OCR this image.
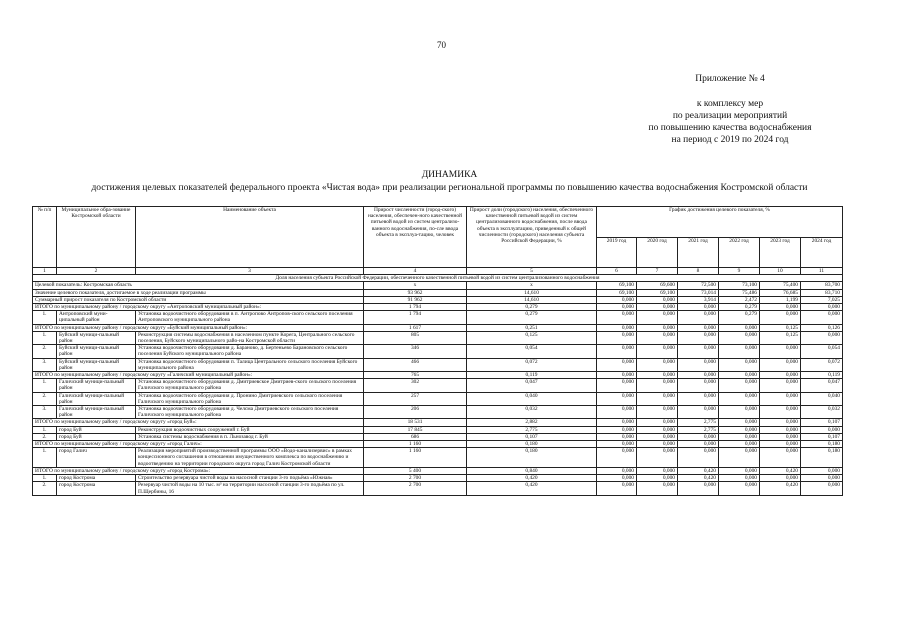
70
Приложение № 4
к комплексу мер
по реализации мероприятий
по повышению качества водоснабжения
на период с 2019 по 2024 год
ДИНАМИКА
достижения целевых показателей федерального проекта «Чистая вода» при реализации региональной программы по повышению качества водоснабжения Костромской области
№ п/п	Муниципальное обра-зование Костромской области	Наименование объекта	Прирост численности (город-ского) населения, обеспечен-ного качественной питьевой водой из систем централизо-ванного водоснабжения, по-сле ввода объекта в эксплуа-тацию, человек	Прирост доли (городского) населения, обеспеченного качественной питьевой водой из систем централизованного водоснабжения, после ввода объекта в эксплуатацию, приведенный к общей численности (городского) населения субъекта Российской Федерации, %	График достижения целевого показателя, %					
					2019 год	2020 год	2021 год	2022 год	2023 год	2024 год
1	2	3	4	5	6	7	8	9	10	11
Доля населения субъекта Российской Федерации, обеспеченного качественной питьевой водой из систем централизованного водоснабжения										
Целевой показатель: Костромская область			х	х	69,100	69,600	72,500	73,100	75,400	83,700
Значение целевого показателя, достигаемое в ходе реализации программы			93 962	14,610	69,100	69,100	73,014	75,486	76,685	83,710
Суммарный прирост показателя по Костромской области			91 962	14,610	0,000	0,000	3,914	2,472	1,199	7,025
ИТОГО по муниципальному району / городскому округу «Антроповский муниципальный район»:			1 794	0,279	0,000	0,000	0,000	0,279	0,000	0,000
1.	Антроповский муни-ципальный район	Установка водоочистного оборудования в п. Антропово Антропов-ского сельского поселения Антроповского муниципального района	1 794	0,279	0,000	0,000	0,000	0,279	0,000	0,000
ИТОГО по муниципальному району / городскому округу «Буйский муниципальный район»:			1 617	0,251	0,000	0,000	0,000	0,000	0,125	0,126
1.	Буйский муници-пальный район	Реконструкция системы водоснабжения в населенном пункте Корега, Центрального сельского поселения, Буйского муниципального райо-на Костромской области	805	0,125	0,000	0,000	0,000	0,000	0,125	0,000
2.	Буйский муници-пальный район	Установка водоочистного оборудования д. Бараново, д. Бертеньево Барановского сельского поселения Буйского муниципального района	346	0,054	0,000	0,000	0,000	0,000	0,000	0,054
3.	Буйский муници-пальный район	Установка водоочистного оборудования п. Талица Центрального сельского поселения Буйского муниципального района	466	0,072	0,000	0,000	0,000	0,000	0,000	0,072
ИТОГО по муниципальному району / городскому округу «Галичский муниципальный район»:			765	0,119	0,000	0,000	0,000	0,000	0,000	0,119
1.	Галичский муници-пальный район	Установка водоочистного оборудования д. Дмитриевское Дмитриев-ского сельского поселения Галичского муниципального района	302	0,047	0,000	0,000	0,000	0,000	0,000	0,047
2.	Галичский муници-пальный район	Установка водоочистного оборудования д. Пронино Дмитриевского сельского поселения Галичского муниципального района	257	0,040	0,000	0,000	0,000	0,000	0,000	0,040
3.	Галичский муници-пальный район	Установка водоочистного оборудования д. Челсма Дмитриевского сельского поселения Галичского муниципального района	206	0,032	0,000	0,000	0,000	0,000	0,000	0,032
ИТОГО по муниципальному району / городскому округу «город Буй»:			18 531	2,882	0,000	0,000	2,775	0,000	0,000	0,107
1.	город Буй	Реконструкция водоочистных сооружений г. Буй	17 845	2,775	0,000	0,000	2,775	0,000	0,000	0,000
2.	город Буй	Установка системы водоснабжения в п. Льнозавод г. Буй	686	0,107	0,000	0,000	0,000	0,000	0,000	0,107
ИТОГО по муниципальному району / городскому округу «город Галич»:			1 160	0,180	0,000	0,000	0,000	0,000	0,000	0,180
1.	город Галич	Реализация мероприятий производственной программы ООО «Водо-канализервис» в рамках концессионного соглашения в отношении имущественного комплекса по водоснабжению и водоотведению на территории городского округа город Галич Костромской области	1 160	0,180	0,000	0,000	0,000	0,000	0,000	0,180
ИТОГО по муниципальному району / городскому округу «город Кострома»:			5 400	0,840	0,000	0,000	0,420	0,000	0,420	0,000
1.	город Кострома	Строительство резервуара чистой воды на насосной станции 3-го подъёма «Южная»	2 700	0,420	0,000	0,000	0,420	0,000	0,000	0,000
2.	город Кострома	Резервуар чистой воды на 10 тыс. м³ на территории насосной станции 3-го подъёма по ул. П.Щербины, 16	2 700	0,420	0,000	0,000	0,000	0,000	0,420	0,000
